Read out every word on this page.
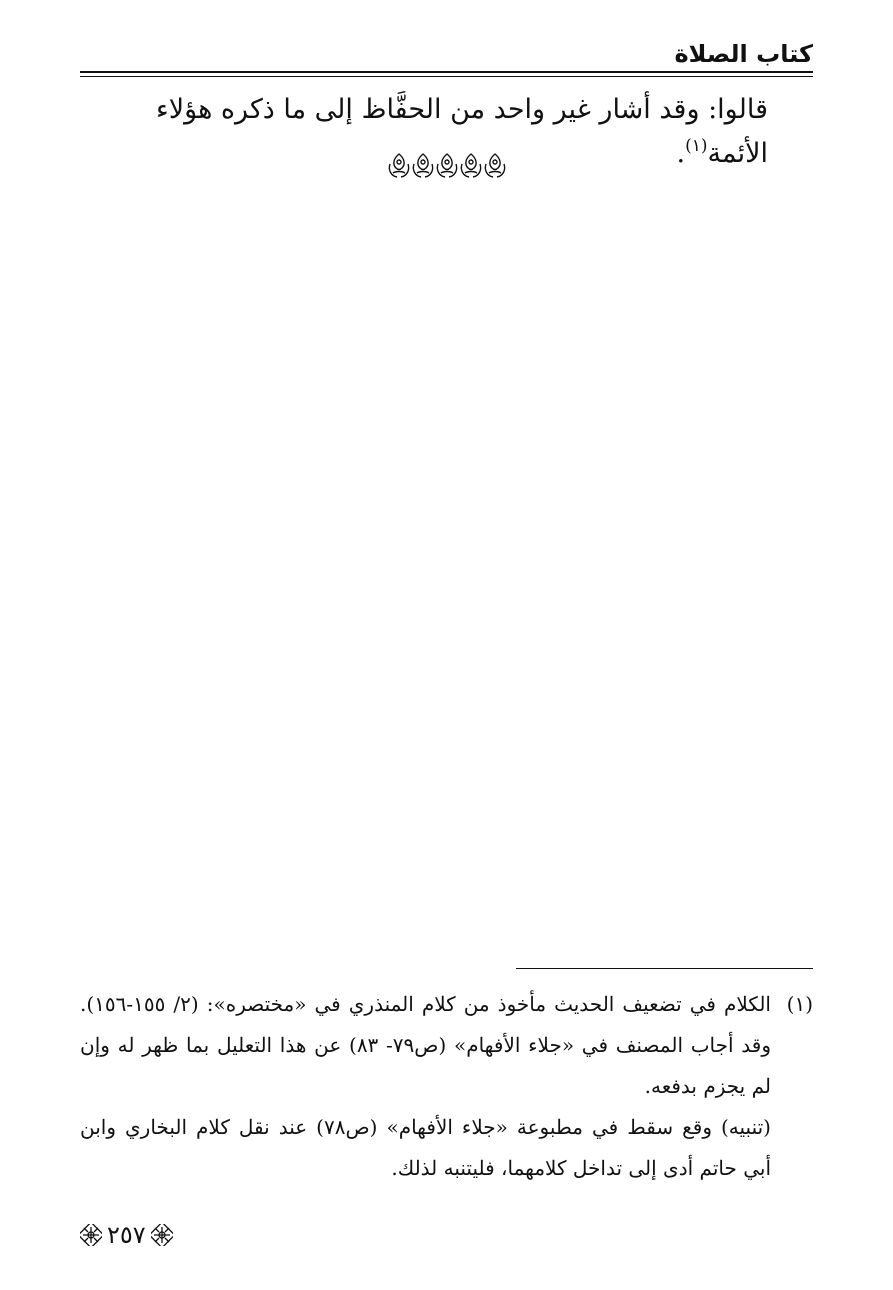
كتاب الصلاة
قالوا: وقد أشار غير واحد من الحفَّاظ إلى ما ذكره هؤلاء الأئمة$^{(١)}$.
(١)

الكلام في تضعيف الحديث مأخوذ من كلام المنذري في «مختصره»: (٢/ ١٥٥-١٥٦). وقد أجاب المصنف في «جلاء الأفهام» (ص٧٩- ٨٣) عن هذا التعليل بما ظهر له وإن لم يجزم بدفعه.

(تنبيه) وقع سقط في مطبوعة «جلاء الأفهام» (ص٧٨) عند نقل كلام البخاري وابن أبي حاتم أدى إلى تداخل كلامهما، فليتنبه لذلك.

٢٥٧
